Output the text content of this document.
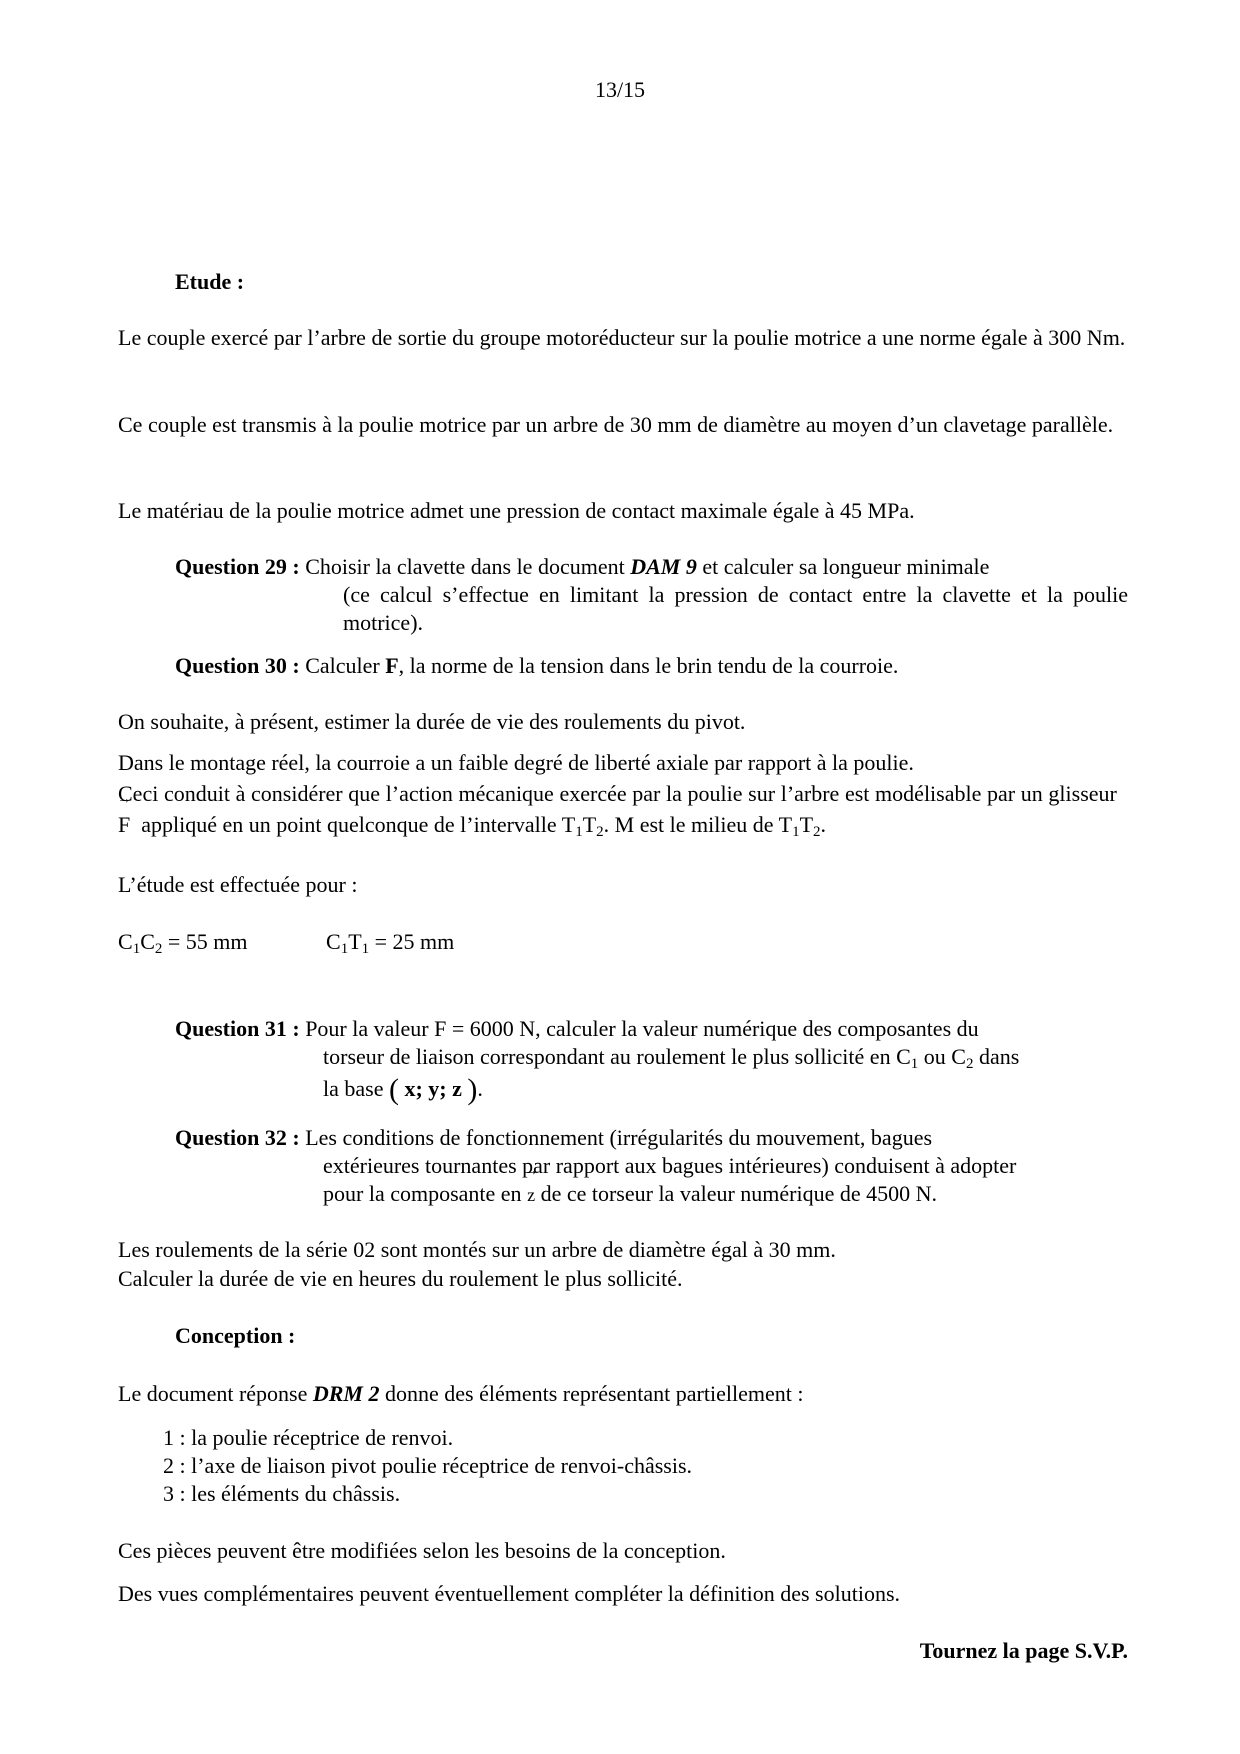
13/15
Etude :

Le couple exercé par l’arbre de sortie du groupe motoréducteur sur la poulie motrice a une norme égale à 300 Nm.

Ce couple est transmis à la poulie motrice par un arbre de 30 mm de diamètre au moyen d’un clavetage parallèle.

Le matériau de la poulie motrice admet une pression de contact maximale égale à 45 MPa.

Question 29 : Choisir la clavette dans le document DAM 9 et calculer sa longueur minimale
(ce calcul s’effectue en limitant la pression de contact entre la clavette et la poulie motrice).
Question 30 : Calculer F, la norme de la tension dans le brin tendu de la courroie.

On souhaite, à présent, estimer la durée de vie des roulements du pivot.

Dans le montage réel, la courroie a un faible degré de liberté axiale par rapport à la poulie.

Ceci conduit à considérer que l’action mécanique exercée par la poulie sur l’arbre est modélisable par un glisseur  → F appliqué en un point quelconque de l’intervalle $T_1T_2$. M est le milieu de $T_1T_2$.

L’étude est effectuée pour :

$C_1C_2 = 55$ mm	$C_1T_1 = 25$ mm
Question 31 : Pour la valeur F = 6000 N, calculer la valeur numérique des composantes du
torseur de liaison correspondant au roulement le plus sollicité en $C_1$ ou $C_2$ dans
la base ( x; y; z ).
Question 32 : Les conditions de fonctionnement (irrégularités du mouvement, bagues
extérieures tournantes par rapport aux bagues intérieures) conduisent à adopter
pour la composante en → z de ce torseur la valeur numérique de 4500 N.

Les roulements de la série 02 sont montés sur un arbre de diamètre égal à 30 mm.

Calculer la durée de vie en heures du roulement le plus sollicité.

Conception :

Le document réponse DRM 2 donne des éléments représentant partiellement :

1 : la poulie réceptrice de renvoi.
2 : l’axe de liaison pivot poulie réceptrice de renvoi-châssis.
3 : les éléments du châssis.

Ces pièces peuvent être modifiées selon les besoins de la conception.

Des vues complémentaires peuvent éventuellement compléter la définition des solutions.

Tournez la page S.V.P.
